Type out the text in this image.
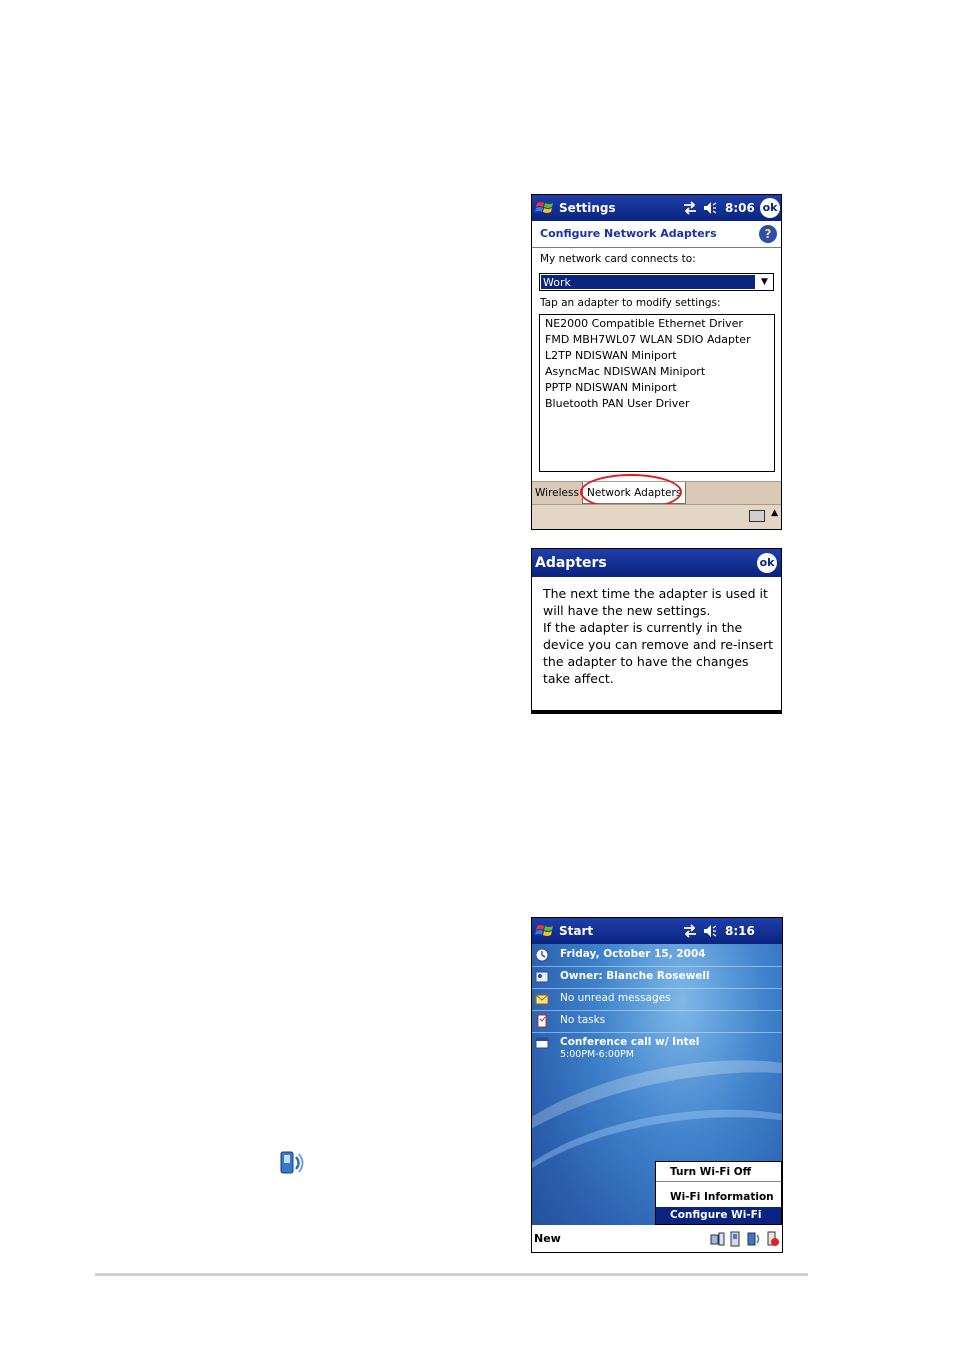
Settings	8:06 ok
Configure Network Adapters	?
My network card connects to:
Work	▼
Tap an adapter to modify settings:
NE2000 Compatible Ethernet Driver
FMD MBH7WL07 WLAN SDIO Adapter
L2TP NDISWAN Miniport
AsyncMac NDISWAN Miniport
PPTP NDISWAN Miniport
Bluetooth PAN User Driver
Wireless Network Adapters
▲
Adapters	ok
The next time the adapter is used it
will have the new settings.
If the adapter is currently in the
device you can remove and re-insert
the adapter to have the changes
take affect.
Start	8:16
Friday, October 15, 2004
Owner: Blanche Rosewell
No unread messages
No tasks
Conference call w/ Intel
5:00PM-6:00PM
Turn Wi-Fi Off
Wi-Fi Information
Configure Wi-Fi
New
